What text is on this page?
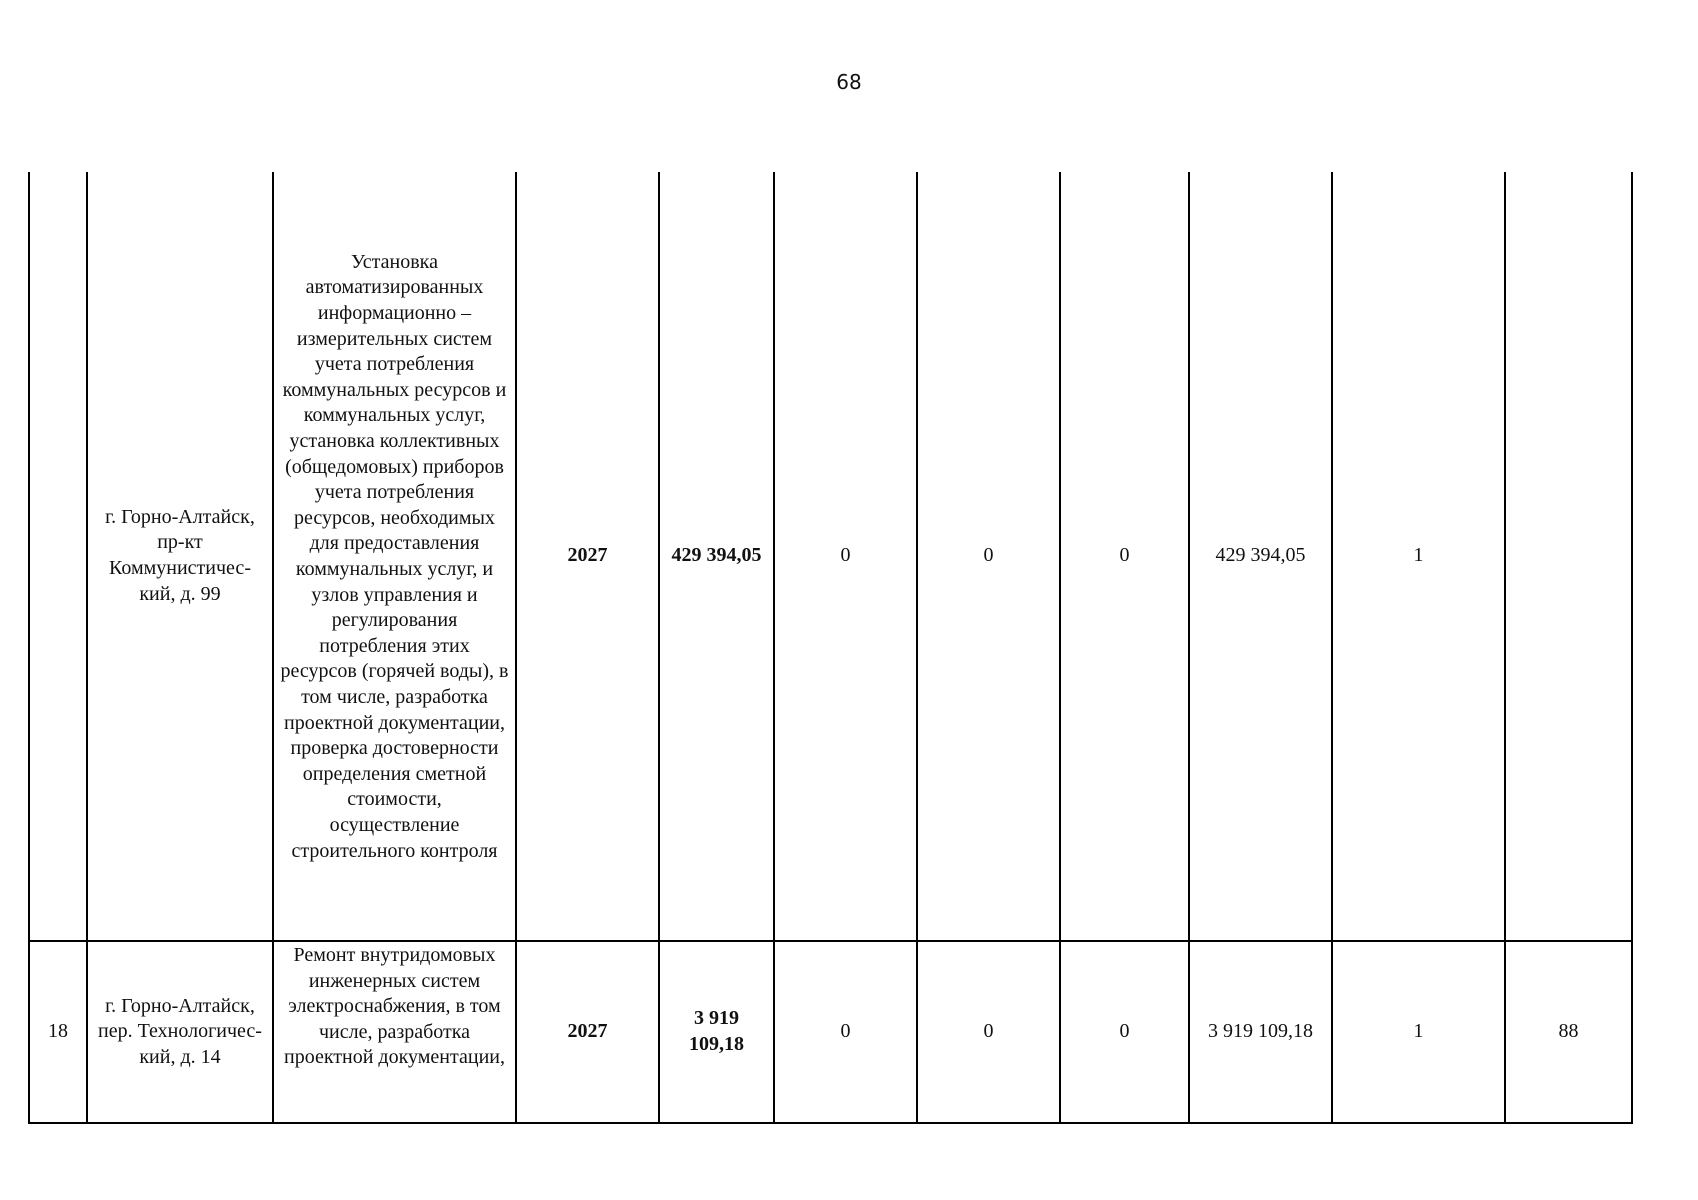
68
	г. Горно-Алтайск, пр-кт Коммунистичес-кий, д. 99	Установка автоматизированных информационно – измерительных систем учета потребления коммунальных ресурсов и коммунальных услуг, установка коллективных (общедомовых) приборов учета потребления ресурсов, необходимых для предоставления коммунальных услуг, и узлов управления и регулирования потребления этих ресурсов (горячей воды), в том числе, разработка проектной документации, проверка достоверности определения сметной стоимости, осуществление строительного контроля	2027	429 394,05	0	0	0	429 394,05	1	
18	г. Горно-Алтайск, пер. Технологичес-кий, д. 14	Ремонт внутридомовых инженерных систем электроснабжения, в том числе, разработка проектной документации,	2027	3 919 109,18	0	0	0	3 919 109,18	1	88
